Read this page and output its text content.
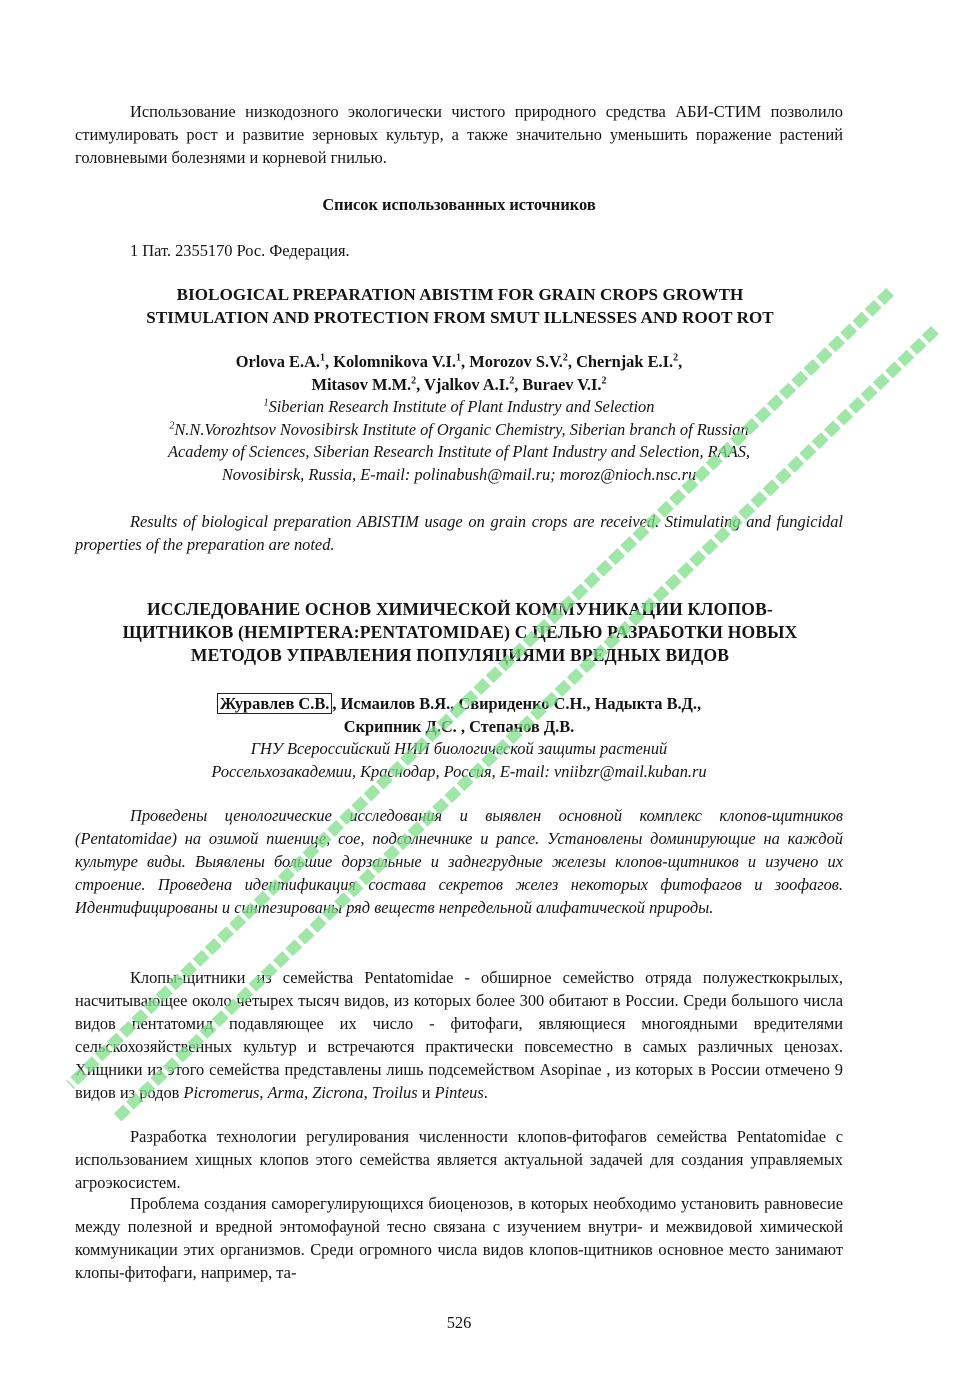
Использование низкодозного экологически чистого природного средства АБИ-СТИМ позволило стимулировать рост и развитие зерновых культур, а также значительно уменьшить поражение растений головневыми болезнями и корневой гнилью.
Список использованных источников
1 Пат. 2355170 Рос. Федерация.
BIOLOGICAL PREPARATION ABISTIM FOR GRAIN CROPS GROWTH
STIMULATION AND PROTECTION FROM SMUT ILLNESSES AND ROOT ROT
Orlova E.A.$^1$, Kolomnikova V.I.$^1$, Morozov S.V.$^2$, Chernjak E.I.$^2$,
Mitasov M.M.$^2$, Vjalkov A.I.$^2$, Buraev V.I.$^2$
$^1$Siberian Research Institute of Plant Industry and Selection
$^2$N.N.Vorozhtsov Novosibirsk Institute of Organic Chemistry, Siberian branch of Russian
Academy of Sciences, Siberian Research Institute of Plant Industry and Selection, RAAS,
Novosibirsk, Russia, E-mail: polinabush@mail.ru; moroz@nioch.nsc.ru
Results of biological preparation ABISTIM usage on grain crops are received. Stimulating and fungicidal properties of the preparation are noted.
ИССЛЕДОВАНИЕ ОСНОВ ХИМИЧЕСКОЙ КОММУНИКАЦИИ КЛОПОВ-
ЩИТНИКОВ (HEMIPTERA:PENTATOMIDAE) С ЦЕЛЬЮ РАЗРАБОТКИ НОВЫХ
МЕТОДОВ УПРАВЛЕНИЯ ПОПУЛЯЦИЯМИ ВРЕДНЫХ ВИДОВ
Журавлев С.В. , Исмаилов В.Я., Свириденко С.Н., Надыкта В.Д.,
Скрипник Д.С. , Степанов Д.В.
ГНУ Всероссийский НИИ биологической защиты растений
Россельхозакадемии, Краснодар, Россия, E-mail: vniibzr@mail.kuban.ru
Проведены ценологические исследования и выявлен основной комплекс клопов-щитников (Pentatomidae) на озимой пшенице, сое, подсолнечнике и рапсе. Установлены доминирующие на каждой культуре виды. Выявлены большие дорзальные и заднегрудные железы клопов-щитников и изучено их строение. Проведена идентификация состава секретов желез некоторых фитофагов и зоофагов. Идентифицированы и синтезированы ряд веществ непредельной алифатической природы.
Клопы-щитники из семейства Pentatomidae - обширное семейство отряда полужесткокрылых, насчитывающее около четырех тысяч видов, из которых более 300 обитают в России. Среди большого числа видов пентатомид подавляющее их число - фитофаги, являющиеся многоядными вредителями сельскохозяйственных культур и встречаются практически повсеместно в самых различных ценозах. Хищники из этого семейства представлены лишь подсемейством Asopinae , из которых в России отмечено 9 видов из родов Picromerus, Arma, Zicrona, Troilus и Pinteus.
Разработка технологии регулирования численности клопов-фитофагов семейства Pentatomidae с использованием хищных клопов этого семейства является актуальной задачей для создания управляемых агроэкосистем.
Проблема создания саморегулирующихся биоценозов, в которых необходимо установить равновесие между полезной и вредной энтомофауной тесно связана с изучением внутри- и межвидовой химической коммуникации этих организмов. Среди огромного числа видов клопов-щитников основное место занимают клопы-фитофаги, например, та-
526
